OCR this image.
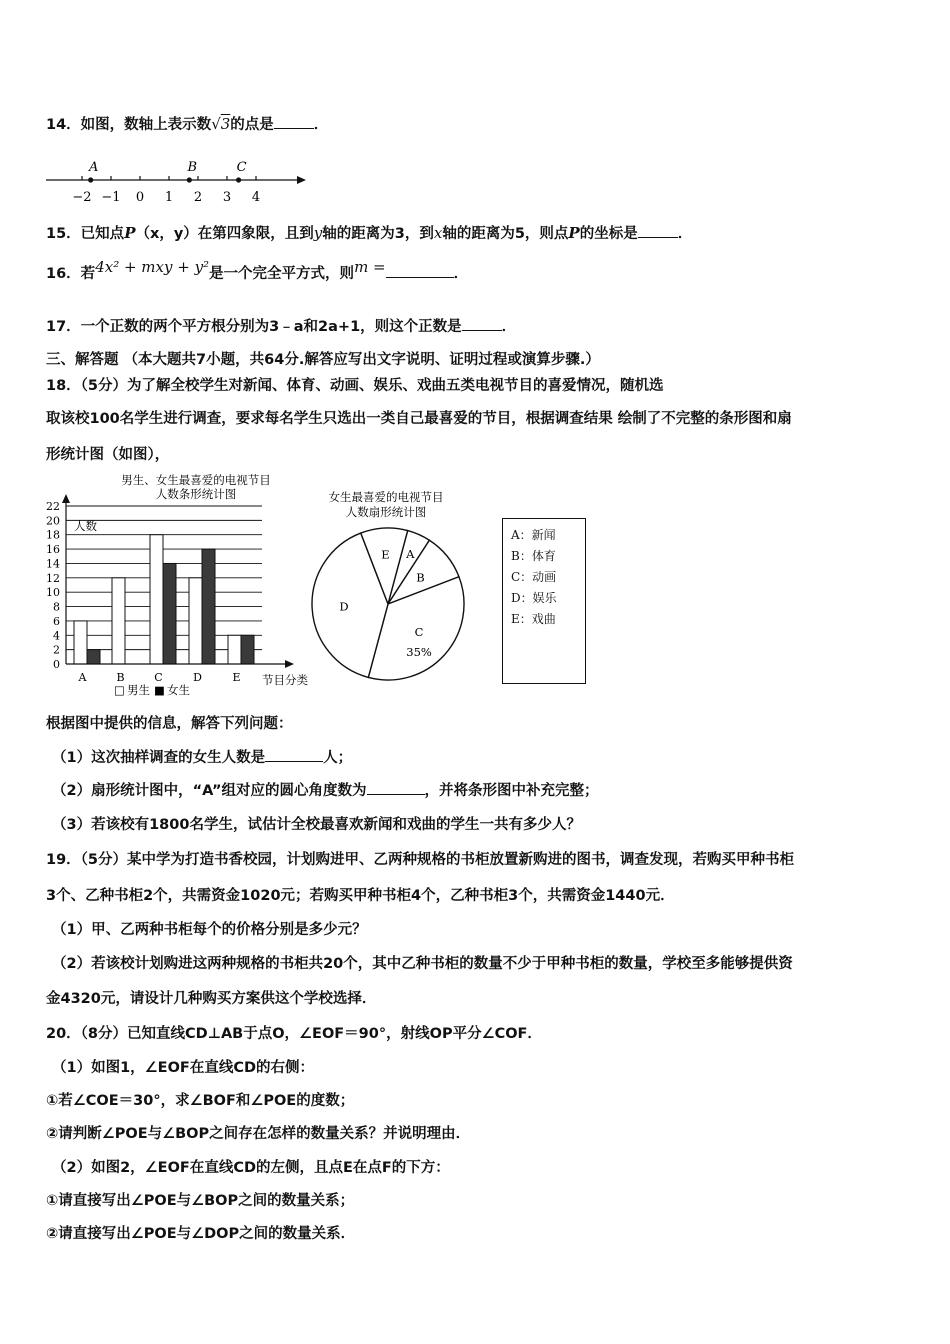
14．如图，数轴上表示数√3的点是	．
−2 −1 0 1 2 3 4
A	B	C
15．已知点P（x，y）在第四象限，且到y轴的距离为3，到x轴的距离为5，则点P的坐标是	．
16．若4x² + mxy + y²是一个完全平方式，则m =	．
17．一个正数的两个平方根分别为3﹣a和2a+1，则这个正数是	．
三、解答题 （本大题共7小题，共64分.解答应写出文字说明、证明过程或演算步骤.）
18．（5分）为了解全校学生对新闻、体育、动画、娱乐、戏曲五类电视节目的喜爱情况，随机选
取该校100名学生进行调查，要求每名学生只选出一类自己最喜爱的节目，根据调查结果 绘制了不完整的条形图和扇
形统计图（如图），
男生、女生最喜爱的电视节目
人数条形统计图
0
2
4
6
8
10
12
14
16
18
20
22
A	B	C	D	E
人数
节目分类
□ 男生 ■ 女生
女生最喜爱的电视节目
人数扇形统计图
A
B
C
35%
D
E
A：新闻
B：体育
C：动画
D：娱乐
E：戏曲
根据图中提供的信息，解答下列问题：
（1）这次抽样调查的女生人数是	人；
（2）扇形统计图中，“A”组对应的圆心角度数为	，并将条形图中补充完整；
（3）若该校有1800名学生，试估计全校最喜欢新闻和戏曲的学生一共有多少人？
19．（5分）某中学为打造书香校园，计划购进甲、乙两种规格的书柜放置新购进的图书，调查发现，若购买甲种书柜
3个、乙种书柜2个，共需资金1020元；若购买甲种书柜4个，乙种书柜3个，共需资金1440元．
（1）甲、乙两种书柜每个的价格分别是多少元？
（2）若该校计划购进这两种规格的书柜共20个，其中乙种书柜的数量不少于甲种书柜的数量，学校至多能够提供资
金4320元，请设计几种购买方案供这个学校选择．
20．（8分）已知直线CD⊥AB于点O，∠EOF＝90°，射线OP平分∠COF．
（1）如图1，∠EOF在直线CD的右侧：
①若∠COE＝30°，求∠BOF和∠POE的度数；
②请判断∠POE与∠BOP之间存在怎样的数量关系？并说明理由．
（2）如图2，∠EOF在直线CD的左侧，且点E在点F的下方：
①请直接写出∠POE与∠BOP之间的数量关系；
②请直接写出∠POE与∠DOP之间的数量关系．
